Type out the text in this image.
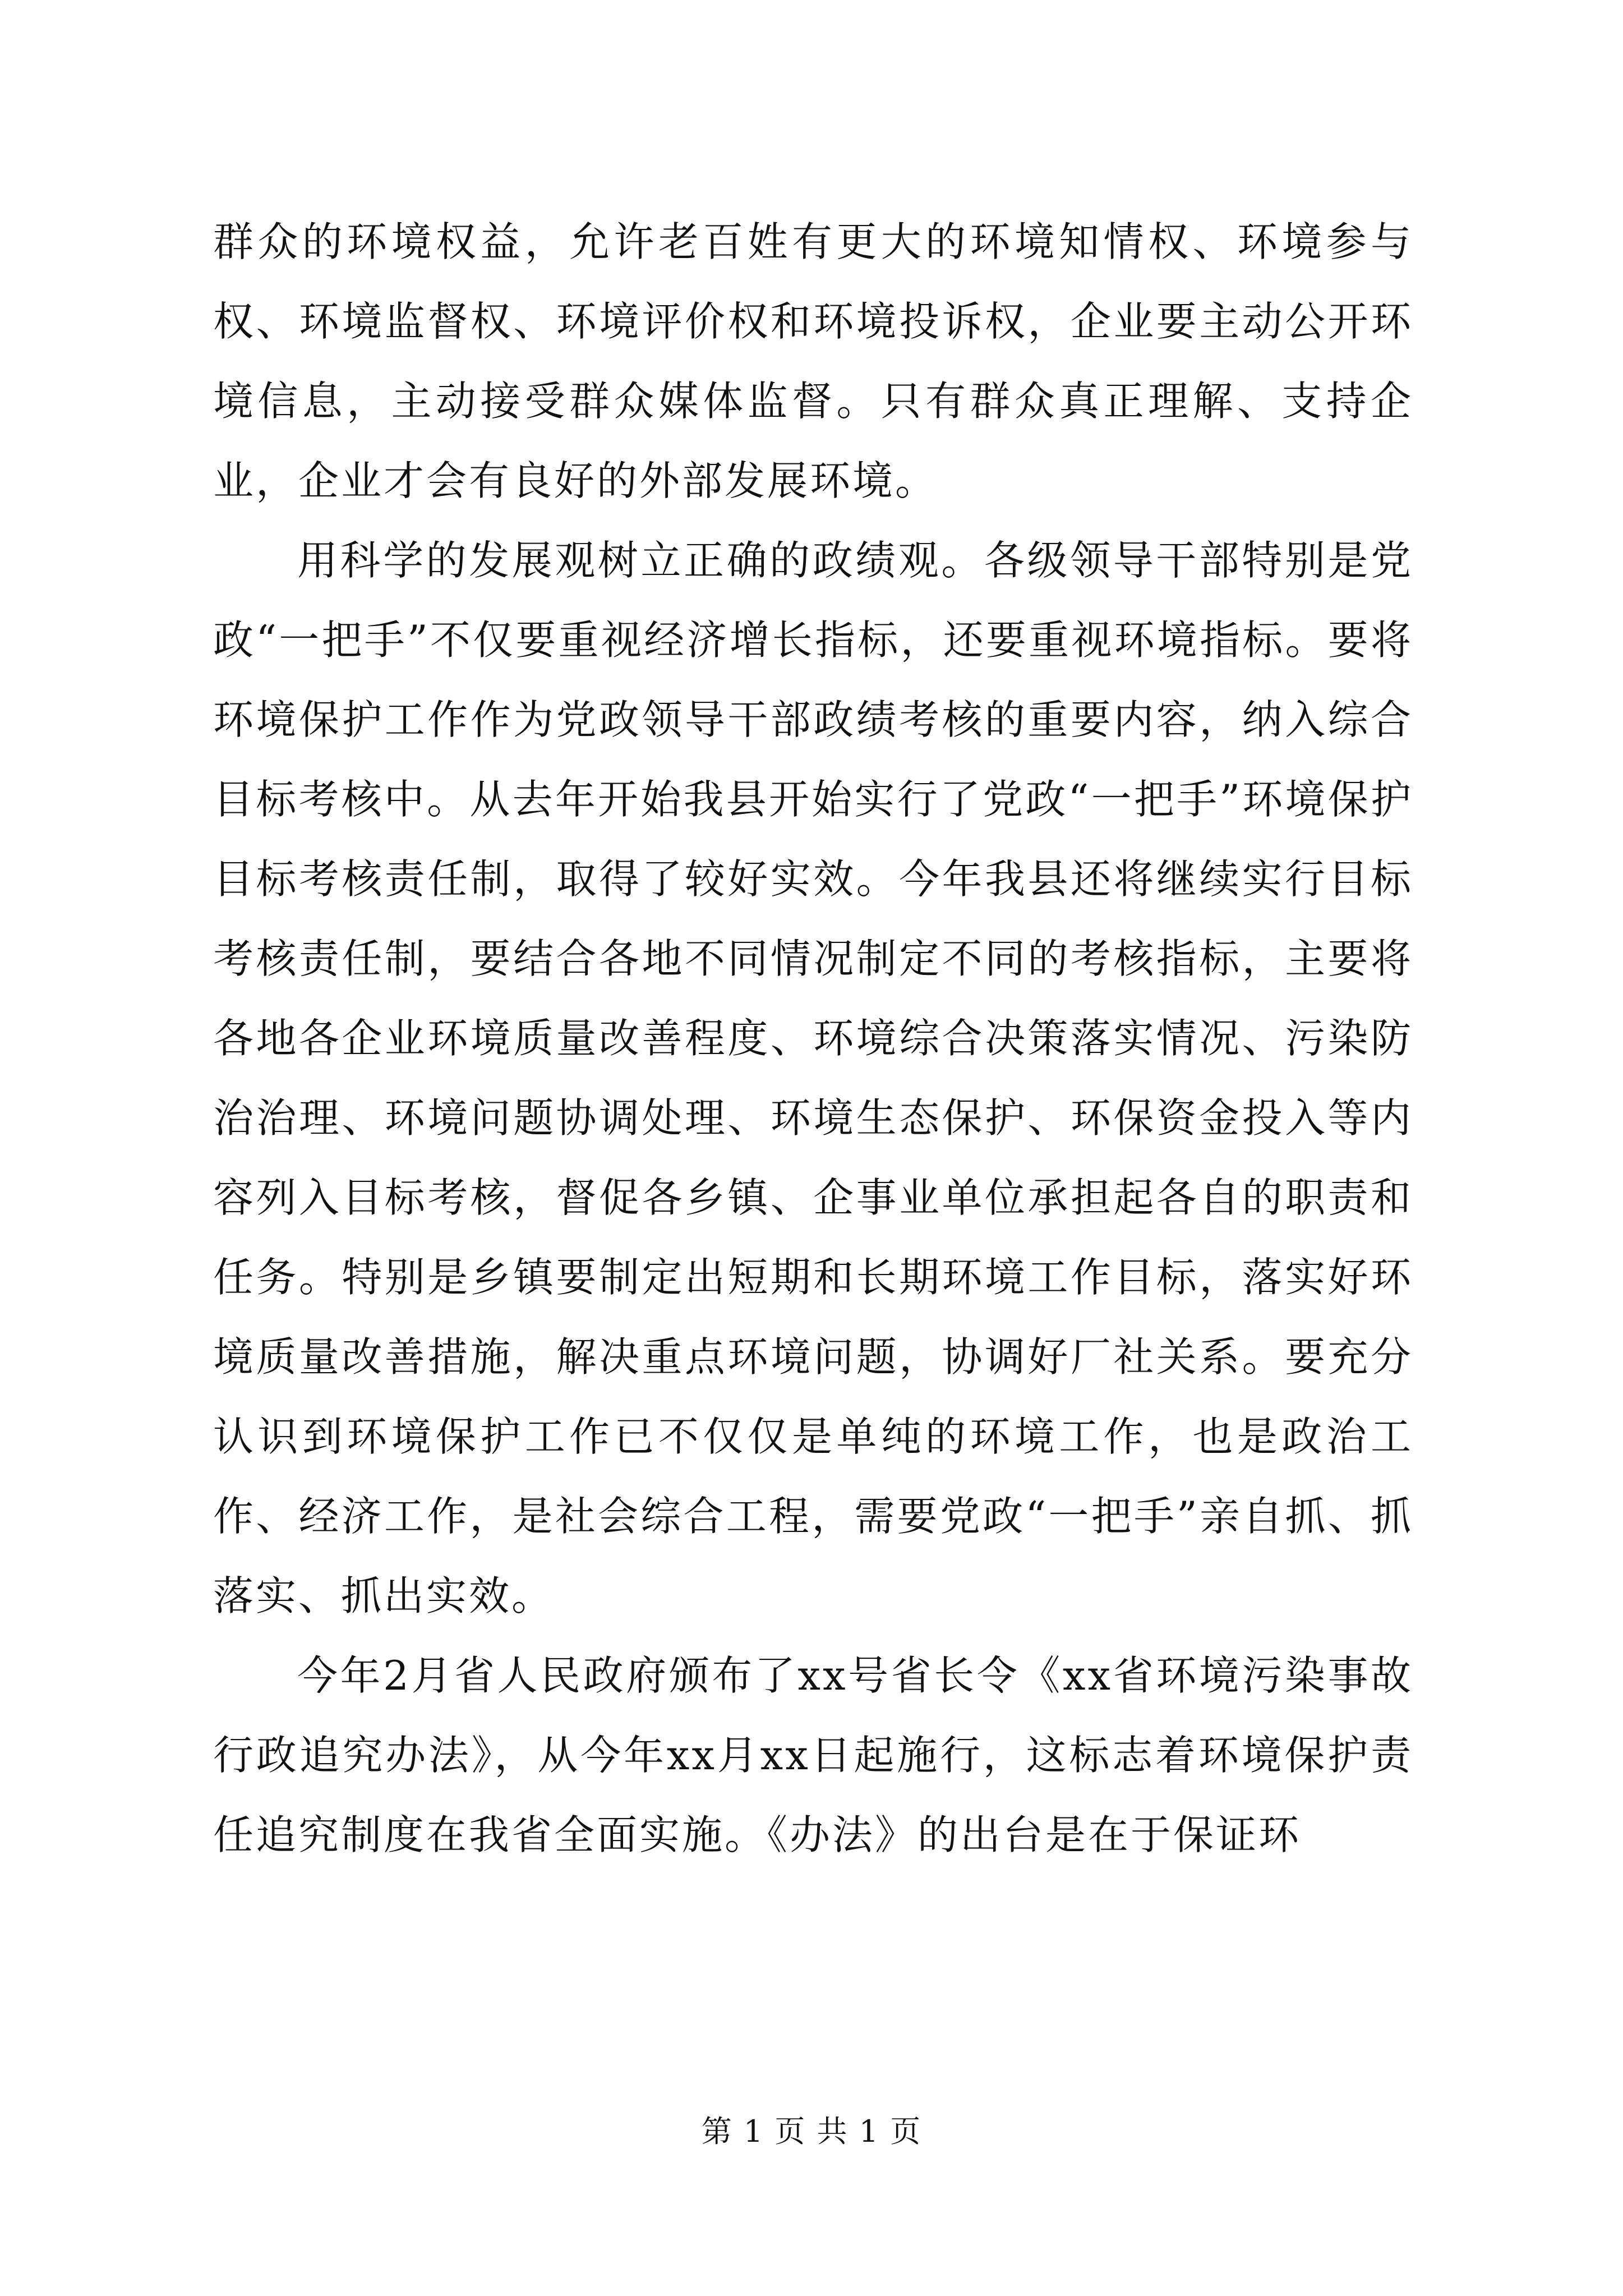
群众的环境权益，允许老百姓有更大的环境知情权、环境参与权、环境监督权、环境评价权和环境投诉权，企业要主动公开环境信息，主动接受群众媒体监督。只有群众真正理解、支持企业，企业才会有良好的外部发展环境。

用科学的发展观树立正确的政绩观。各级领导干部特别是党政“一把手”不仅要重视经济增长指标，还要重视环境指标。要将环境保护工作作为党政领导干部政绩考核的重要内容，纳入综合目标考核中。从去年开始我县开始实行了党政“一把手”环境保护目标考核责任制，取得了较好实效。今年我县还将继续实行目标考核责任制，要结合各地不同情况制定不同的考核指标，主要将各地各企业环境质量改善程度、环境综合决策落实情况、污染防治治理、环境问题协调处理、环境生态保护、环保资金投入等内容列入目标考核，督促各乡镇、企事业单位承担起各自的职责和任务。特别是乡镇要制定出短期和长期环境工作目标，落实好环境质量改善措施，解决重点环境问题，协调好厂社关系。要充分认识到环境保护工作已不仅仅是单纯的环境工作，也是政治工作、经济工作，是社会综合工程，需要党政“一把手”亲自抓、抓落实、抓出实效。

今年2月省人民政府颁布了xx号省长令《xx省环境污染事故行政追究办法》，从今年xx月xx日起施行，这标志着环境保护责任追究制度在我省全面实施。《办法》的出台是在于保证环

第 1 页 共 1 页
